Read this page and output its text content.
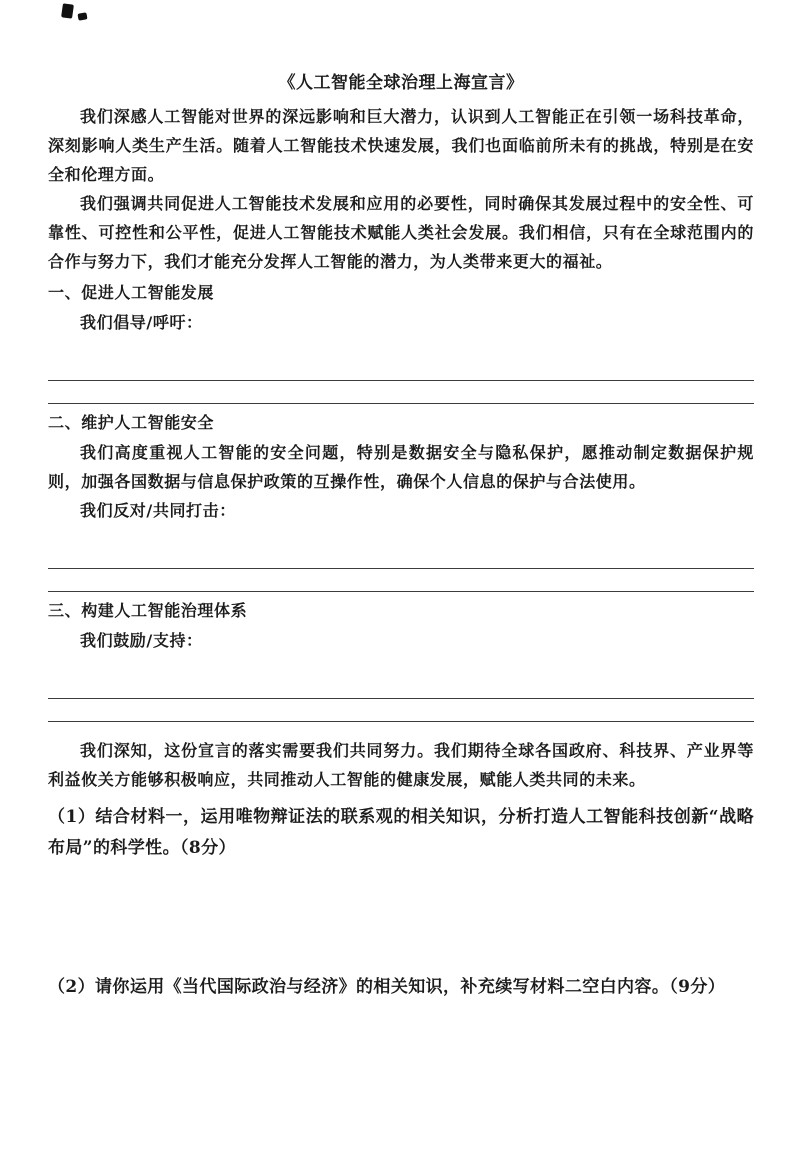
《人工智能全球治理上海宣言》

我们深感人工智能对世界的深远影响和巨大潜力，认识到人工智能正在引领一场科技革命，深刻影响人类生产生活。随着人工智能技术快速发展，我们也面临前所未有的挑战，特别是在安全和伦理方面。

我们强调共同促进人工智能技术发展和应用的必要性，同时确保其发展过程中的安全性、可靠性、可控性和公平性，促进人工智能技术赋能人类社会发展。我们相信，只有在全球范围内的合作与努力下，我们才能充分发挥人工智能的潜力，为人类带来更大的福祉。

一、促进人工智能发展

我们倡导/呼吁：

二、维护人工智能安全

我们高度重视人工智能的安全问题，特别是数据安全与隐私保护，愿推动制定数据保护规则，加强各国数据与信息保护政策的互操作性，确保个人信息的保护与合法使用。

我们反对/共同打击：

三、构建人工智能治理体系

我们鼓励/支持：

我们深知，这份宣言的落实需要我们共同努力。我们期待全球各国政府、科技界、产业界等利益攸关方能够积极响应，共同推动人工智能的健康发展，赋能人类共同的未来。

（1）结合材料一，运用唯物辩证法的联系观的相关知识，分析打造人工智能科技创新“战略布局”的科学性。（8分）

（2）请你运用《当代国际政治与经济》的相关知识，补充续写材料二空白内容。（9分）
